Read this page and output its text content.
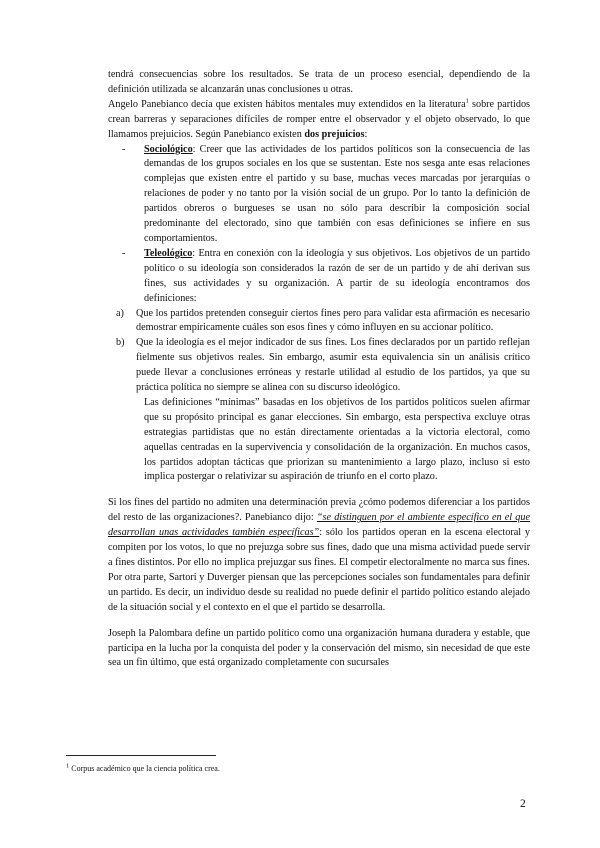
tendrá consecuencias sobre los resultados. Se trata de un proceso esencial, dependiendo de la definición utilizada se alcanzarán unas conclusiones u otras.

Angelo Panebianco decía que existen hábitos mentales muy extendidos en la literatura$^1$ sobre partidos crean barreras y separaciones difíciles de romper entre el observador y el objeto observado, lo que llamamos prejuicios. Según Panebianco existen dos prejuicios:

- Sociológico: Creer que las actividades de los partidos políticos son la consecuencia de las demandas de los grupos sociales en los que se sustentan. Este nos sesga ante esas relaciones complejas que existen entre el partido y su base, muchas veces marcadas por jerarquías o relaciones de poder y no tanto por la visión social de un grupo. Por lo tanto la definición de partidos obreros o burgueses se usan no sólo para describir la composición social predominante del electorado, sino que también con esas definiciones se infiere en sus comportamientos.

- Teleológico: Entra en conexión con la ideología y sus objetivos. Los objetivos de un partido político o su ideología son considerados la razón de ser de un partido y de ahí derivan sus fines, sus actividades y su organización. A partir de su ideología encontramos dos definiciones:

a) Que los partidos pretenden conseguir ciertos fines pero para validar esta afirmación es necesario demostrar empíricamente cuáles son esos fines y cómo influyen en su accionar político.

b) Que la ideología es el mejor indicador de sus fines. Los fines declarados por un partido reflejan fielmente sus objetivos reales. Sin embargo, asumir esta equivalencia sin un análisis crítico puede llevar a conclusiones erróneas y restarle utilidad al estudio de los partidos, ya que su práctica política no siempre se alinea con su discurso ideológico.

Las definiciones “mínimas” basadas en los objetivos de los partidos políticos suelen afirmar que su propósito principal es ganar elecciones. Sin embargo, esta perspectiva excluye otras estrategias partidistas que no están directamente orientadas a la victoria electoral, como aquellas centradas en la supervivencia y consolidación de la organización. En muchos casos, los partidos adoptan tácticas que priorizan su mantenimiento a largo plazo, incluso si esto implica postergar o relativizar su aspiración de triunfo en el corto plazo.

Si los fines del partido no admiten una determinación previa ¿cómo podemos diferenciar a los partidos del resto de las organizaciones?. Panebianco dijo: “se distinguen por el ambiente específico en el que desarrollan unas actividades también específicas”: sólo los partidos operan en la escena electoral y compiten por los votos, lo que no prejuzga sobre sus fines, dado que una misma actividad puede servir a fines distintos. Por ello no implica prejuzgar sus fines. El competir electoralmente no marca sus fines.

Por otra parte, Sartori y Duverger piensan que las percepciones sociales son fundamentales para definir un partido. Es decir, un individuo desde su realidad no puede definir el partido político estando alejado de la situación social y el contexto en el que el partido se desarrolla.

Joseph la Palombara define un partido político como una organización humana duradera y estable, que participa en la lucha por la conquista del poder y la conservación del mismo, sin necesidad de que este sea un fin último, que está organizado completamente con sucursales

$^1$ Corpus académico que la ciencia política crea.
2
